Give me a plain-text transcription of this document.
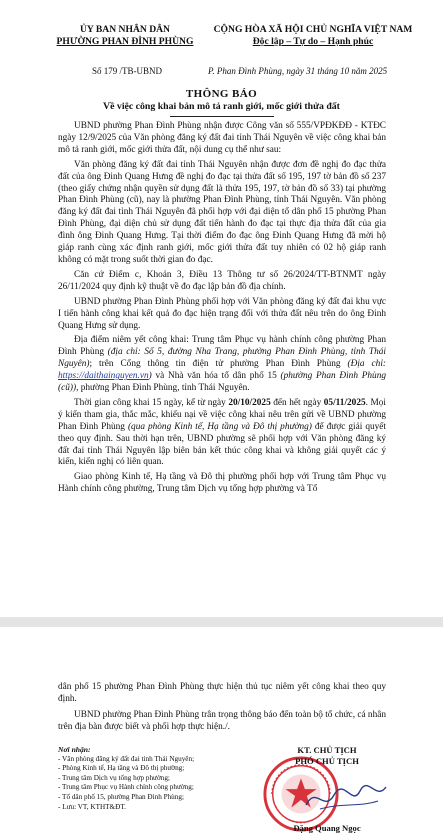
ỦY BAN NHÂN DÂN
PHƯỜNG PHAN ĐÌNH PHÙNG
CỘNG HÒA XÃ HỘI CHỦ NGHĨA VIỆT NAM
Độc lập – Tự do – Hạnh phúc
Số 179 /TB-UBND	P. Phan Đình Phùng, ngày 31 tháng 10 năm 2025
THÔNG BÁO
Về việc công khai bản mô tả ranh giới, mốc giới thửa đất

UBND phường Phan Đình Phùng nhận được Công văn số 555/VPĐKĐĐ - KTĐC ngày 12/9/2025 của Văn phòng đăng ký đất đai tỉnh Thái Nguyên về việc công khai bản mô tả ranh giới, mốc giới thửa đất, nội dung cụ thể như sau:

Văn phòng đăng ký đất đai tỉnh Thái Nguyên nhận được đơn đề nghị đo đạc thửa đất của ông Đinh Quang Hưng đề nghị đo đạc tại thửa đất số 195, 197 tờ bản đồ số 237 (theo giấy chứng nhận quyền sử dụng đất là thửa 195, 197, tờ bản đồ số 33) tại phường Phan Đình Phùng (cũ), nay là phường Phan Đình Phùng, tỉnh Thái Nguyên. Văn phòng đăng ký đất đai tỉnh Thái Nguyên đã phối hợp với đại diện tổ dân phố 15 phường Phan Đình Phùng, đại diện chủ sử dụng đất tiến hành đo đạc tại thực địa thửa đất của gia đình ông Đinh Quang Hưng. Tại thời điểm đo đạc ông Đinh Quang Hưng đã mời hộ giáp ranh cùng xác định ranh giới, mốc giới thửa đất tuy nhiên có 02 hộ giáp ranh không có mặt trong suốt thời gian đo đạc.

Căn cứ Điểm c, Khoản 3, Điều 13 Thông tư số 26/2024/TT-BTNMT ngày 26/11/2024 quy định kỹ thuật về đo đạc lập bản đồ địa chính.

UBND phường Phan Đình Phùng phối hợp với Văn phòng đăng ký đất đai khu vực I tiến hành công khai kết quả đo đạc hiện trạng đối với thửa đất nêu trên do ông Đinh Quang Hưng sử dụng.

Địa điểm niêm yết công khai: Trung tâm Phục vụ hành chính công phường Phan Đình Phùng (địa chỉ: Số 5, đường Nha Trang, phường Phan Đình Phùng, tỉnh Thái Nguyên); trên Cổng thông tin điện tử phường Phan Đình Phùng (Địa chỉ: https://daithainguyen.vn) và Nhà văn hóa tổ dân phố 15 (phường Phan Đình Phùng (cũ)), phường Phan Đình Phùng, tỉnh Thái Nguyên.

Thời gian công khai 15 ngày, kể từ ngày 20/10/2025 đến hết ngày 05/11/2025. Mọi ý kiến tham gia, thắc mắc, khiếu nại về việc công khai nêu trên gửi về UBND phường Phan Đình Phùng (qua phòng Kinh tế, Hạ tầng và Đô thị phường) để được giải quyết theo quy định. Sau thời hạn trên, UBND phường sẽ phối hợp với Văn phòng đăng ký đất đai tỉnh Thái Nguyên lập biên bản kết thúc công khai và không giải quyết các ý kiến, kiến nghị có liên quan.

Giao phòng Kinh tế, Hạ tầng và Đô thị phường phối hợp với Trung tâm Phục vụ Hành chính công phường, Trung tâm Dịch vụ tổng hợp phường và Tổ

dân phố 15 phường Phan Đình Phùng thực hiện thủ tục niêm yết công khai theo quy định.

UBND phường Phan Đình Phùng trân trọng thông báo đến toàn bộ tổ chức, cá nhân trên địa bàn được biết và phối hợp thực hiện./.

Nơi nhận:
- Văn phòng đăng ký đất đai tỉnh Thái Nguyên;
- Phòng Kinh tế, Hạ tầng và Đô thị phường;
- Trung tâm Dịch vụ tổng hợp phường;
- Trung tâm Phục vụ Hành chính công phường;
- Tổ dân phố 15, phường Phan Đình Phùng;
- Lưu: VT, KTHT&ĐT.
KT. CHỦ TỊCH
PHÓ CHỦ TỊCH
Đặng Quang Ngọc
